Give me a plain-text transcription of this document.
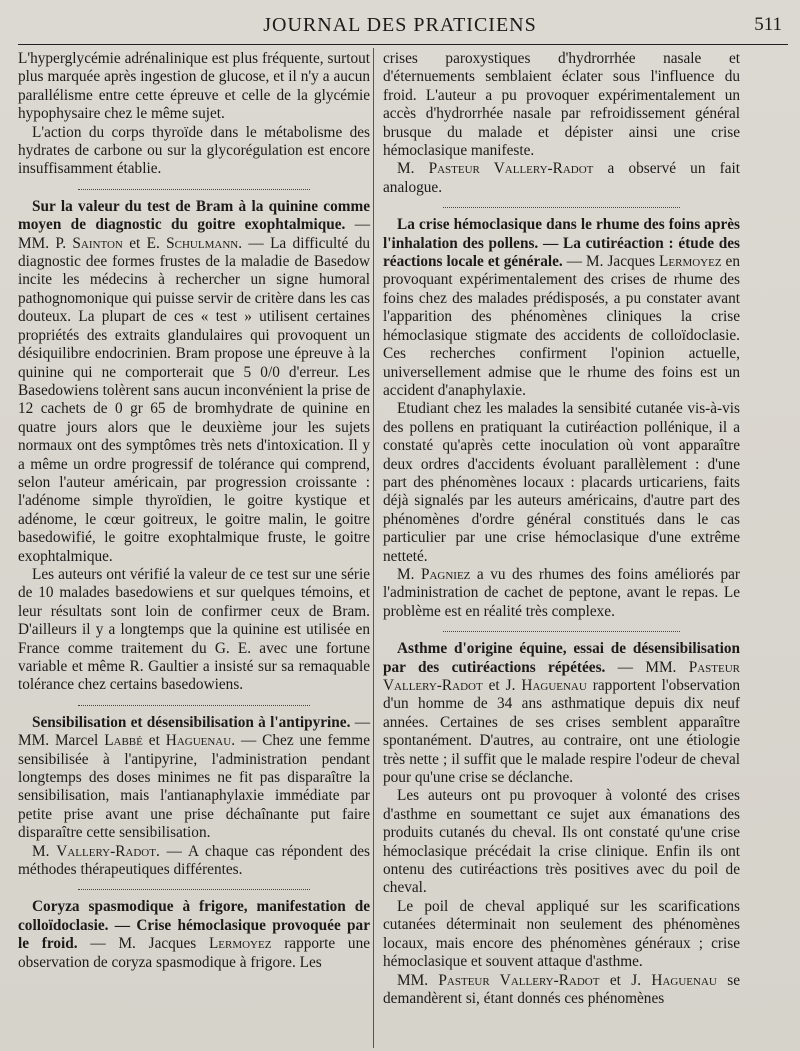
JOURNAL DES PRATICIENS	511

L'hyperglycémie adrénalinique est plus fréquente, surtout plus marquée après ingestion de glucose, et il n'y a aucun parallélisme entre cette épreuve et celle de la glycémie hypophysaire chez le même sujet.

L'action du corps thyroïde dans le métabolisme des hydrates de carbone ou sur la glycorégulation est encore insuffisamment établie.

Sur la valeur du test de Bram à la quinine comme moyen de diagnostic du goitre exophtalmique. — MM. P. Sainton et E. Schulmann. — La difficulté du diagnostic dee formes frustes de la maladie de Basedow incite les médecins à rechercher un signe humoral pathognomonique qui puisse servir de critère dans les cas douteux. La plupart de ces « test » utilisent certaines propriétés des extraits glandulaires qui provoquent un désiquilibre endocrinien. Bram propose une épreuve à la quinine qui ne comporterait que 5 0/0 d'erreur. Les Basedowiens tolèrent sans aucun inconvénient la prise de 12 cachets de 0 gr 65 de bromhydrate de quinine en quatre jours alors que le deuxième jour les sujets normaux ont des symptômes très nets d'intoxication. Il y a même un ordre progressif de tolérance qui comprend, selon l'auteur américain, par progression croissante : l'adénome simple thyroïdien, le goitre kystique et adénome, le cœur goitreux, le goitre malin, le goitre basedowifié, le goitre exophtalmique fruste, le goitre exophtalmique.

Les auteurs ont vérifié la valeur de ce test sur une série de 10 malades basedowiens et sur quelques témoins, et leur résultats sont loin de confirmer ceux de Bram. D'ailleurs il y a longtemps que la quinine est utilisée en France comme traitement du G. E. avec une fortune variable et même R. Gaultier a insisté sur sa remaquable tolérance chez certains basedowiens.

Sensibilisation et désensibilisation à l'antipyrine. — MM. Marcel Labbé et Haguenau. — Chez une femme sensibilisée à l'antipyrine, l'administration pendant longtemps des doses minimes ne fit pas disparaître la sensibilisation, mais l'antianaphylaxie immédiate par petite prise avant une prise déchaînante put faire disparaître cette sensibilisation.

M. Vallery-Radot. — A chaque cas répondent des méthodes thérapeutiques différentes.

Coryza spasmodique à frigore, manifestation de colloïdoclasie. — Crise hémoclasique provoquée par le froid. — M. Jacques Lermoyez rapporte une observation de coryza spasmodique à frigore. Les

crises paroxystiques d'hydrorrhée nasale et d'éternuements semblaient éclater sous l'influence du froid. L'auteur a pu provoquer expérimentalement un accès d'hydrorrhée nasale par refroidissement général brusque du malade et dépister ainsi une crise hémoclasique manifeste.

M. Pasteur Vallery-Radot a observé un fait analogue.

La crise hémoclasique dans le rhume des foins après l'inhalation des pollens. — La cutiréaction : étude des réactions locale et générale. — M. Jacques Lermoyez en provoquant expérimentalement des crises de rhume des foins chez des malades prédisposés, a pu constater avant l'apparition des phénomènes cliniques la crise hémoclasique stigmate des accidents de colloïdoclasie. Ces recherches confirment l'opinion actuelle, universellement admise que le rhume des foins est un accident d'anaphylaxie.

Etudiant chez les malades la sensibité cutanée vis-à-vis des pollens en pratiquant la cutiréaction pollénique, il a constaté qu'après cette inoculation où vont apparaître deux ordres d'accidents évoluant parallèlement : d'une part des phénomènes locaux : placards urticariens, faits déjà signalés par les auteurs américains, d'autre part des phénomènes d'ordre général constitués dans le cas particulier par une crise hémoclasique d'une extrême netteté.

M. Pagniez a vu des rhumes des foins améliorés par l'administration de cachet de peptone, avant le repas. Le problème est en réalité très complexe.

Asthme d'origine équine, essai de désensibilisation par des cutiréactions répétées. — MM. Pasteur Vallery-Radot et J. Haguenau rapportent l'observation d'un homme de 34 ans asthmatique depuis dix neuf années. Certaines de ses crises semblent apparaître spontanément. D'autres, au contraire, ont une étiologie très nette ; il suffit que le malade respire l'odeur de cheval pour qu'une crise se déclanche.

Les auteurs ont pu provoquer à volonté des crises d'asthme en soumettant ce sujet aux émanations des produits cutanés du cheval. Ils ont constaté qu'une crise hémoclasique précédait la crise clinique. Enfin ils ont ontenu des cutiréactions très positives avec du poil de cheval.

Le poil de cheval appliqué sur les scarifications cutanées déterminait non seulement des phénomènes locaux, mais encore des phénomènes généraux ; crise hémoclasique et souvent attaque d'asthme.

MM. Pasteur Vallery-Radot et J. Haguenau se demandèrent si, étant donnés ces phénomènes
